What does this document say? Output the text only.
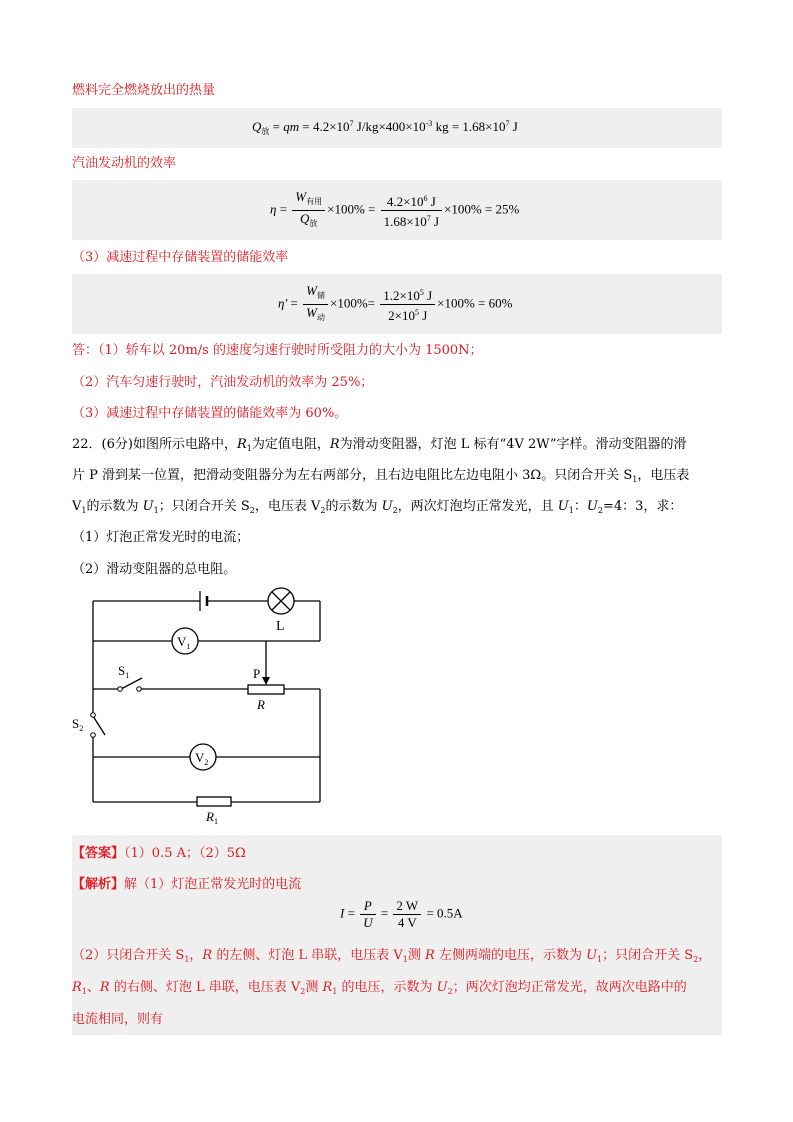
燃料完全燃烧放出的热量
$Q_放$ = qm = $4.2\times 10^7$ $J/kg\times 400\times 10^{-3}$ kg = $1.68\times 10^7$ J
汽油发动机的效率
$\eta = \frac{W_{有用}}{Q_放} \times 100\% = \frac{4.2\times 10^6 J}{1.68\times 10^7 J} \times 100\% = 25\%$
（3）减速过程中存储装置的储能效率
$\eta' = \frac{W_储}{W_动} \times 100\%= \frac{1.2\times 10^5 J}{2\times 10^5 J} \times 100\% = 60\%$
答：（1）轿车以 20m/s 的速度匀速行驶时所受阻力的大小为 1500N；
（2）汽车匀速行驶时，汽油发动机的效率为 25%；
（3）减速过程中存储装置的储能效率为 60%。
22．(6分)如图所示电路中，$R_1$为定值电阻，R为滑动变阻器，灯泡 L 标有“4V 2W”字样。滑动变阻器的滑
片 P 滑到某一位置，把滑动变阻器分为左右两部分，且右边电阻比左边电阻小 3Ω。只闭合开关 $S_1$，电压表
$V_1$的示数为 $U_1$；只闭合开关 $S_2$，电压表 $V_2$的示数为 $U_2$，两次灯泡均正常发光，且 $U_1$：$U_2=4$：3，求：
（1）灯泡正常发光时的电流；
（2）滑动变阻器的总电阻。
L
$V_1$
$V_2$
$S_1$
$S_2$
P
R
$R_1$
【答案】（1）0.5 A；（2）5Ω
【解析】解（1）灯泡正常发光时的电流
$I = \frac{P}{U} = \frac{2 W}{4 V} = 0.5A$
（2）只闭合开关 $S_1$，R 的左侧、灯泡 L 串联，电压表 $V_1$测 R 左侧两端的电压，示数为 $U_1$；只闭合开关 $S_2$，
$R_1$、R 的右侧、灯泡 L 串联，电压表 $V_2$测 $R_1$ 的电压，示数为 $U_2$；两次灯泡均正常发光，故两次电路中的
电流相同，则有
